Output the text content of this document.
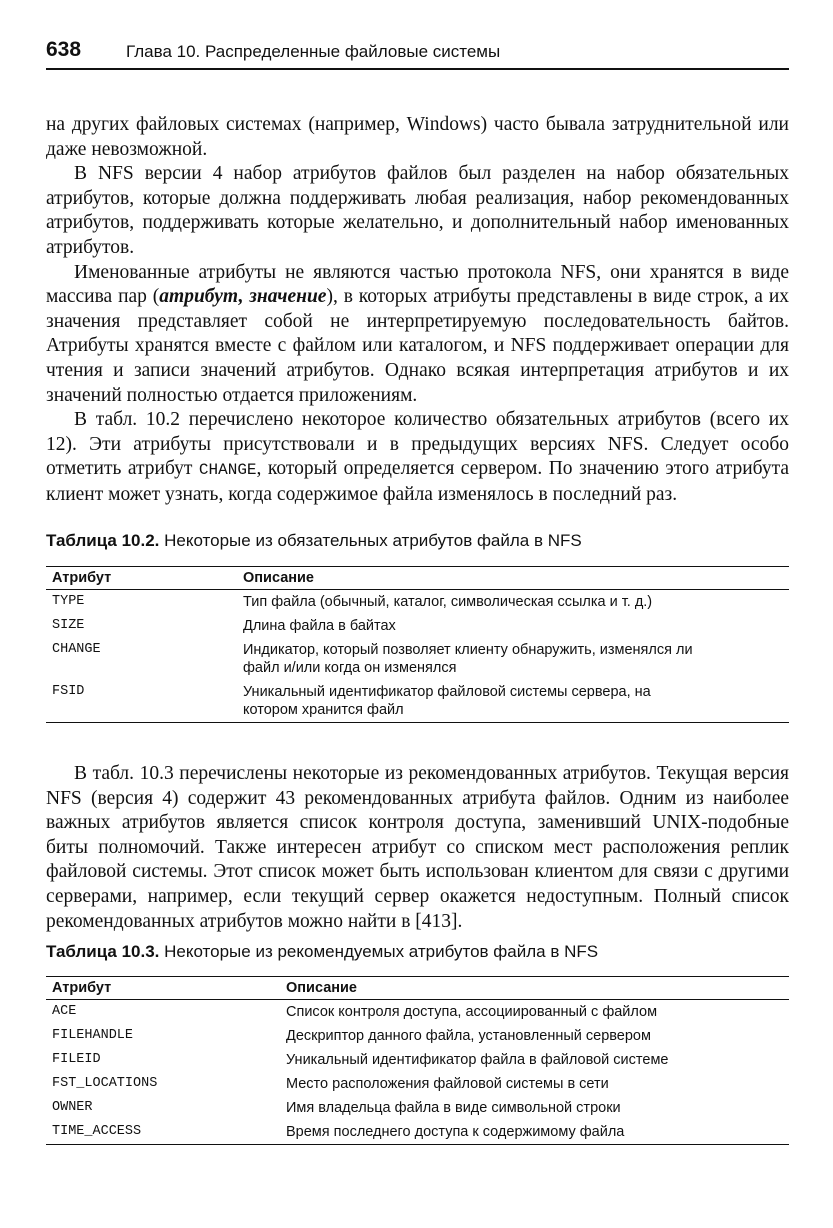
638	Глава 10. Распределенные файловые системы

на других файловых системах (например, Windows) часто бывала затруднительной или даже невозможной.

В NFS версии 4 набор атрибутов файлов был разделен на набор обязательных атрибутов, которые должна поддерживать любая реализация, набор рекомендованных атрибутов, поддерживать которые желательно, и дополнительный набор именованных атрибутов.

Именованные атрибуты не являются частью протокола NFS, они хранятся в виде массива пар (атрибут, значение), в которых атрибуты представлены в виде строк, а их значения представляет собой не интерпретируемую последовательность байтов. Атрибуты хранятся вместе с файлом или каталогом, и NFS поддерживает операции для чтения и записи значений атрибутов. Однако всякая интерпретация атрибутов и их значений полностью отдается приложениям.

В табл. 10.2 перечислено некоторое количество обязательных атрибутов (всего их 12). Эти атрибуты присутствовали и в предыдущих версиях NFS. Следует особо отметить атрибут CHANGE, который определяется сервером. По значению этого атрибута клиент может узнать, когда содержимое файла изменялось в последний раз.

Таблица 10.2. Некоторые из обязательных атрибутов файла в NFS
Атрибут	Описание
TYPE	Тип файла (обычный, каталог, символическая ссылка и т. д.)
SIZE	Длина файла в байтах
CHANGE	Индикатор, который позволяет клиенту обнаружить, изменялся ли файл и/или когда он изменялся
FSID	Уникальный идентификатор файловой системы сервера, на котором хранится файл

В табл. 10.3 перечислены некоторые из рекомендованных атрибутов. Текущая версия NFS (версия 4) содержит 43 рекомендованных атрибута файлов. Одним из наиболее важных атрибутов является список контроля доступа, заменивший UNIX-подобные биты полномочий. Также интересен атрибут со списком мест расположения реплик файловой системы. Этот список может быть использован клиентом для связи с другими серверами, например, если текущий сервер окажется недоступным. Полный список рекомендованных атрибутов можно найти в [413].

Таблица 10.3. Некоторые из рекомендуемых атрибутов файла в NFS
Атрибут	Описание
ACE	Список контроля доступа, ассоциированный с файлом
FILEHANDLE	Дескриптор данного файла, установленный сервером
FILEID	Уникальный идентификатор файла в файловой системе
FST_LOCATIONS	Место расположения файловой системы в сети
OWNER	Имя владельца файла в виде символьной строки
TIME_ACCESS	Время последнего доступа к содержимому файла
